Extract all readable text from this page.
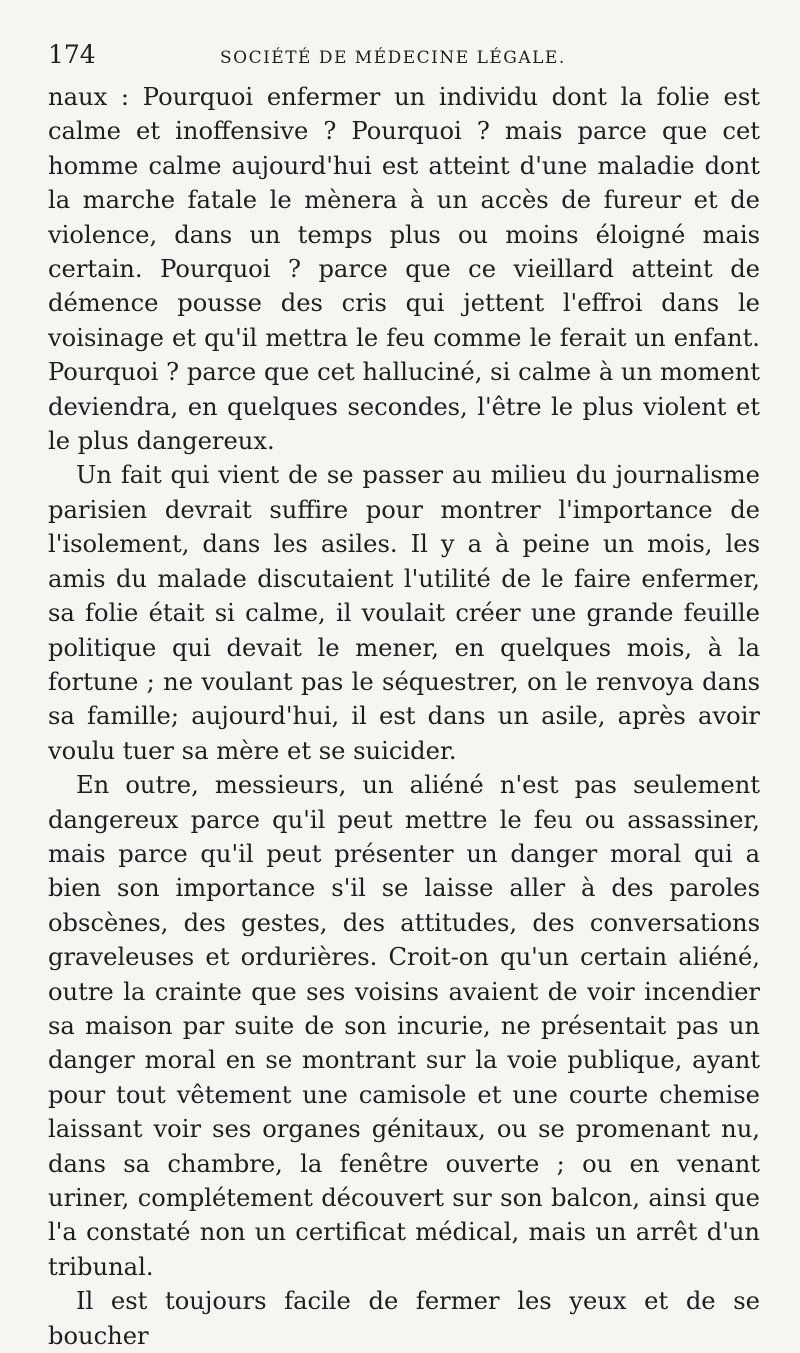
174	SOCIÉTÉ DE MÉDECINE LÉGALE.

naux : Pourquoi enfermer un individu dont la folie est calme et inoffensive ? Pourquoi ? mais parce que cet homme calme aujourd'hui est atteint d'une maladie dont la marche fatale le mènera à un accès de fureur et de violence, dans un temps plus ou moins éloigné mais certain. Pourquoi ? parce que ce vieillard atteint de démence pousse des cris qui jettent l'effroi dans le voisinage et qu'il mettra le feu comme le ferait un enfant. Pourquoi ? parce que cet halluciné, si calme à un moment deviendra, en quelques secondes, l'être le plus violent et le plus dangereux.

Un fait qui vient de se passer au milieu du journalisme parisien devrait suffire pour montrer l'importance de l'isolement, dans les asiles. Il y a à peine un mois, les amis du malade discutaient l'utilité de le faire enfermer, sa folie était si calme, il voulait créer une grande feuille politique qui devait le mener, en quelques mois, à la fortune ; ne voulant pas le séquestrer, on le renvoya dans sa famille; aujourd'hui, il est dans un asile, après avoir voulu tuer sa mère et se suicider.

En outre, messieurs, un aliéné n'est pas seulement dangereux parce qu'il peut mettre le feu ou assassiner, mais parce qu'il peut présenter un danger moral qui a bien son importance s'il se laisse aller à des paroles obscènes, des gestes, des attitudes, des conversations graveleuses et ordurières. Croit-on qu'un certain aliéné, outre la crainte que ses voisins avaient de voir incendier sa maison par suite de son incurie, ne présentait pas un danger moral en se montrant sur la voie publique, ayant pour tout vêtement une camisole et une courte chemise laissant voir ses organes génitaux, ou se promenant nu, dans sa chambre, la fenêtre ouverte ; ou en venant uriner, complétement découvert sur son balcon, ainsi que l'a constaté non un certificat médical, mais un arrêt d'un tribunal.

Il est toujours facile de fermer les yeux et de se boucher
